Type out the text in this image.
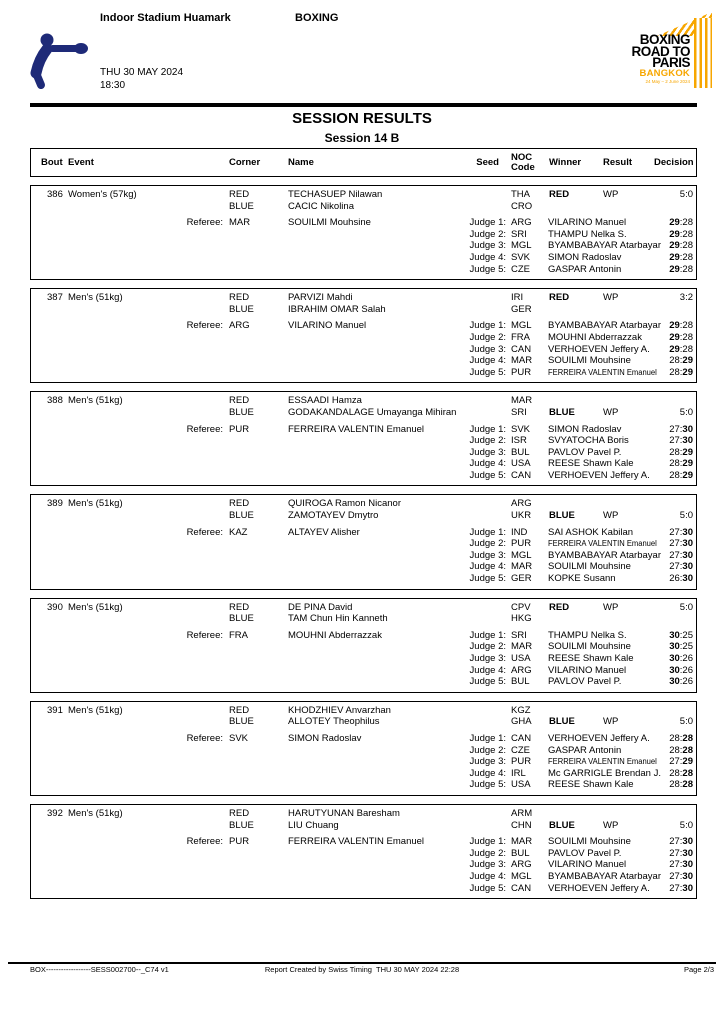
Indoor Stadium Huamark	BOXING
THU 30 MAY 2024
18:30
BOXING
ROAD TO
PARIS
BANGKOK
24 May – 2 June 2024
SESSION RESULTS
Session 14 B
Bout Event	Corner	Name	Seed	NOC
Code	Winner	Result	Decision
386 Women's (57kg)	RED	TECHASUEP Nilawan	THA	RED	WP	5:0
BLUE	CACIC Nikolina	CRO
Referee: MAR	SOUILMI Mouhsine	Judge 1: ARG	VILARINO Manuel	29:28
Judge 2: SRI	THAMPU Nelka S.	29:28
Judge 3: MGL	BYAMBABAYAR Atarbayar 29:28
Judge 4: SVK	SIMON Radoslav	29:28
Judge 5: CZE	GASPAR Antonin	29:28
387 Men's (51kg)	RED	PARVIZI Mahdi	IRI	RED	WP	3:2
BLUE	IBRAHIM OMAR Salah	GER
Referee: ARG	VILARINO Manuel	Judge 1: MGL	BYAMBABAYAR Atarbayar 29:28
Judge 2: FRA	MOUHNI Abderrazzak	29:28
Judge 3: CAN	VERHOEVEN Jeffery A.	29:28
Judge 4: MAR	SOUILMI Mouhsine	28:29
Judge 5: PUR	FERREIRA VALENTIN Emanuel	28:29
388 Men's (51kg)	RED	ESSAADI Hamza	MAR
BLUE	GODAKANDALAGE Umayanga Mihiran	SRI	BLUE	WP	5:0
Referee: PUR	FERREIRA VALENTIN Emanuel	Judge 1: SVK	SIMON Radoslav	27:30
Judge 2: ISR	SVYATOCHA Boris	27:30
Judge 3: BUL	PAVLOV Pavel P.	28:29
Judge 4: USA	REESE Shawn Kale	28:29
Judge 5: CAN	VERHOEVEN Jeffery A.	28:29
389 Men's (51kg)	RED	QUIROGA Ramon Nicanor	ARG
BLUE	ZAMOTAYEV Dmytro	UKR	BLUE	WP	5:0
Referee: KAZ	ALTAYEV Alisher	Judge 1: IND	SAI ASHOK Kabilan	27:30
Judge 2: PUR	FERREIRA VALENTIN Emanuel	27:30
Judge 3: MGL	BYAMBABAYAR Atarbayar 27:30
Judge 4: MAR	SOUILMI Mouhsine	27:30
Judge 5: GER	KOPKE Susann	26:30
390 Men's (51kg)	RED	DE PINA David	CPV	RED	WP	5:0
BLUE	TAM Chun Hin Kanneth	HKG
Referee: FRA	MOUHNI Abderrazzak	Judge 1: SRI	THAMPU Nelka S.	30:25
Judge 2: MAR	SOUILMI Mouhsine	30:25
Judge 3: USA	REESE Shawn Kale	30:26
Judge 4: ARG	VILARINO Manuel	30:26
Judge 5: BUL	PAVLOV Pavel P.	30:26
391 Men's (51kg)	RED	KHODZHIEV Anvarzhan	KGZ
BLUE	ALLOTEY Theophilus	GHA	BLUE	WP	5:0
Referee: SVK	SIMON Radoslav	Judge 1: CAN	VERHOEVEN Jeffery A.	28:28
Judge 2: CZE	GASPAR Antonin	28:28
Judge 3: PUR	FERREIRA VALENTIN Emanuel	27:29
Judge 4: IRL	Mc GARRIGLE Brendan J. 28:28
Judge 5: USA	REESE Shawn Kale	28:28
392 Men's (51kg)	RED	HARUTYUNAN Baresham	ARM
BLUE	LIU Chuang	CHN	BLUE	WP	5:0
Referee: PUR	FERREIRA VALENTIN Emanuel	Judge 1: MAR	SOUILMI Mouhsine	27:30
Judge 2: BUL	PAVLOV Pavel P.	27:30
Judge 3: ARG	VILARINO Manuel	27:30
Judge 4: MGL	BYAMBABAYAR Atarbayar 27:30
Judge 5: CAN	VERHOEVEN Jeffery A.	27:30
BOX------------------SESS002700--_C74 v1	Report Created by Swiss Timing  THU 30 MAY 2024 22:28	Page 2/3
